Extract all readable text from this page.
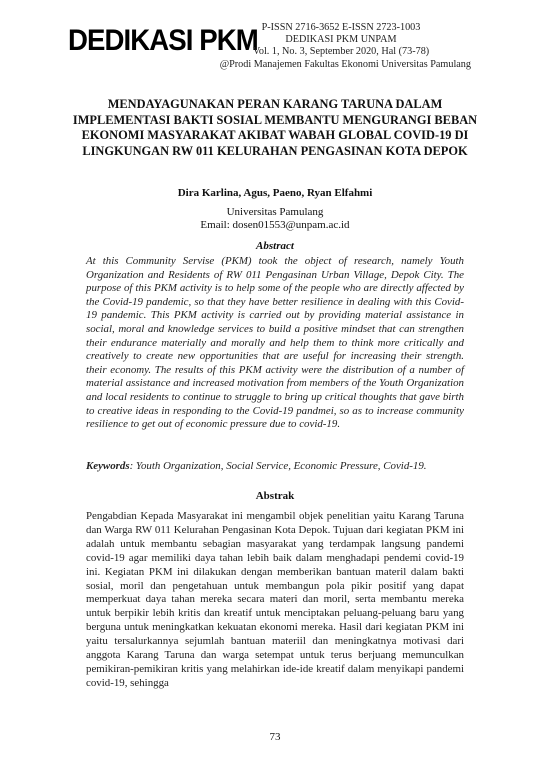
DEDIKASI PKM P-ISSN 2716-3652 E-ISSN 2723-1003
DEDIKASI PKM UNPAM
Vol. 1, No. 3, September 2020, Hal (73-78)
@Prodi Manajemen Fakultas Ekonomi Universitas Pamulang
MENDAYAGUNAKAN PERAN KARANG TARUNA DALAM IMPLEMENTASI BAKTI SOSIAL MEMBANTU MENGURANGI BEBAN EKONOMI MASYARAKAT AKIBAT WABAH GLOBAL COVID-19 DI LINGKUNGAN RW 011 KELURAHAN PENGASINAN KOTA DEPOK
Dira Karlina, Agus, Paeno, Ryan Elfahmi
Universitas Pamulang
Email: dosen01553@unpam.ac.id
Abstract
At this Community Servise (PKM) took the object of research, namely Youth Organization and Residents of RW 011 Pengasinan Urban Village, Depok City. The purpose of this PKM activity is to help some of the people who are directly affected by the Covid-19 pandemic, so that they have better resilience in dealing with this Covid-19 pandemic. This PKM activity is carried out by providing material assistance in social, moral and knowledge services to build a positive mindset that can strengthen their endurance materially and morally and help them to think more critically and creatively to create new opportunities that are useful for increasing their strength. their economy. The results of this PKM activity were the distribution of a number of material assistance and increased motivation from members of the Youth Organization and local residents to continue to struggle to bring up critical thoughts that gave birth to creative ideas in responding to the Covid-19 pandmei, so as to increase community resilience to get out of economic pressure due to covid-19.
Keywords: Youth Organization, Social Service, Economic Pressure, Covid-19.
Abstrak
Pengabdian Kepada Masyarakat ini mengambil objek penelitian yaitu Karang Taruna dan Warga RW 011 Kelurahan Pengasinan Kota Depok. Tujuan dari kegiatan PKM ini adalah untuk membantu sebagian masyarakat yang terdampak langsung pandemi covid-19 agar memiliki daya tahan lebih baik dalam menghadapi pendemi covid-19 ini. Kegiatan PKM ini dilakukan dengan memberikan bantuan materil dalam bakti sosial, moril dan pengetahuan untuk membangun pola pikir positif yang dapat memperkuat daya tahan mereka secara materi dan moril, serta membantu mereka untuk berpikir lebih kritis dan kreatif untuk menciptakan peluang-peluang baru yang berguna untuk meningkatkan kekuatan ekonomi mereka. Hasil dari kegiatan PKM ini yaitu tersalurkannya sejumlah bantuan materiil dan meningkatnya motivasi dari anggota Karang Taruna dan warga setempat untuk terus berjuang memunculkan pemikiran-pemikiran kritis yang melahirkan ide-ide kreatif dalam menyikapi pandemi covid-19, sehingga
73
